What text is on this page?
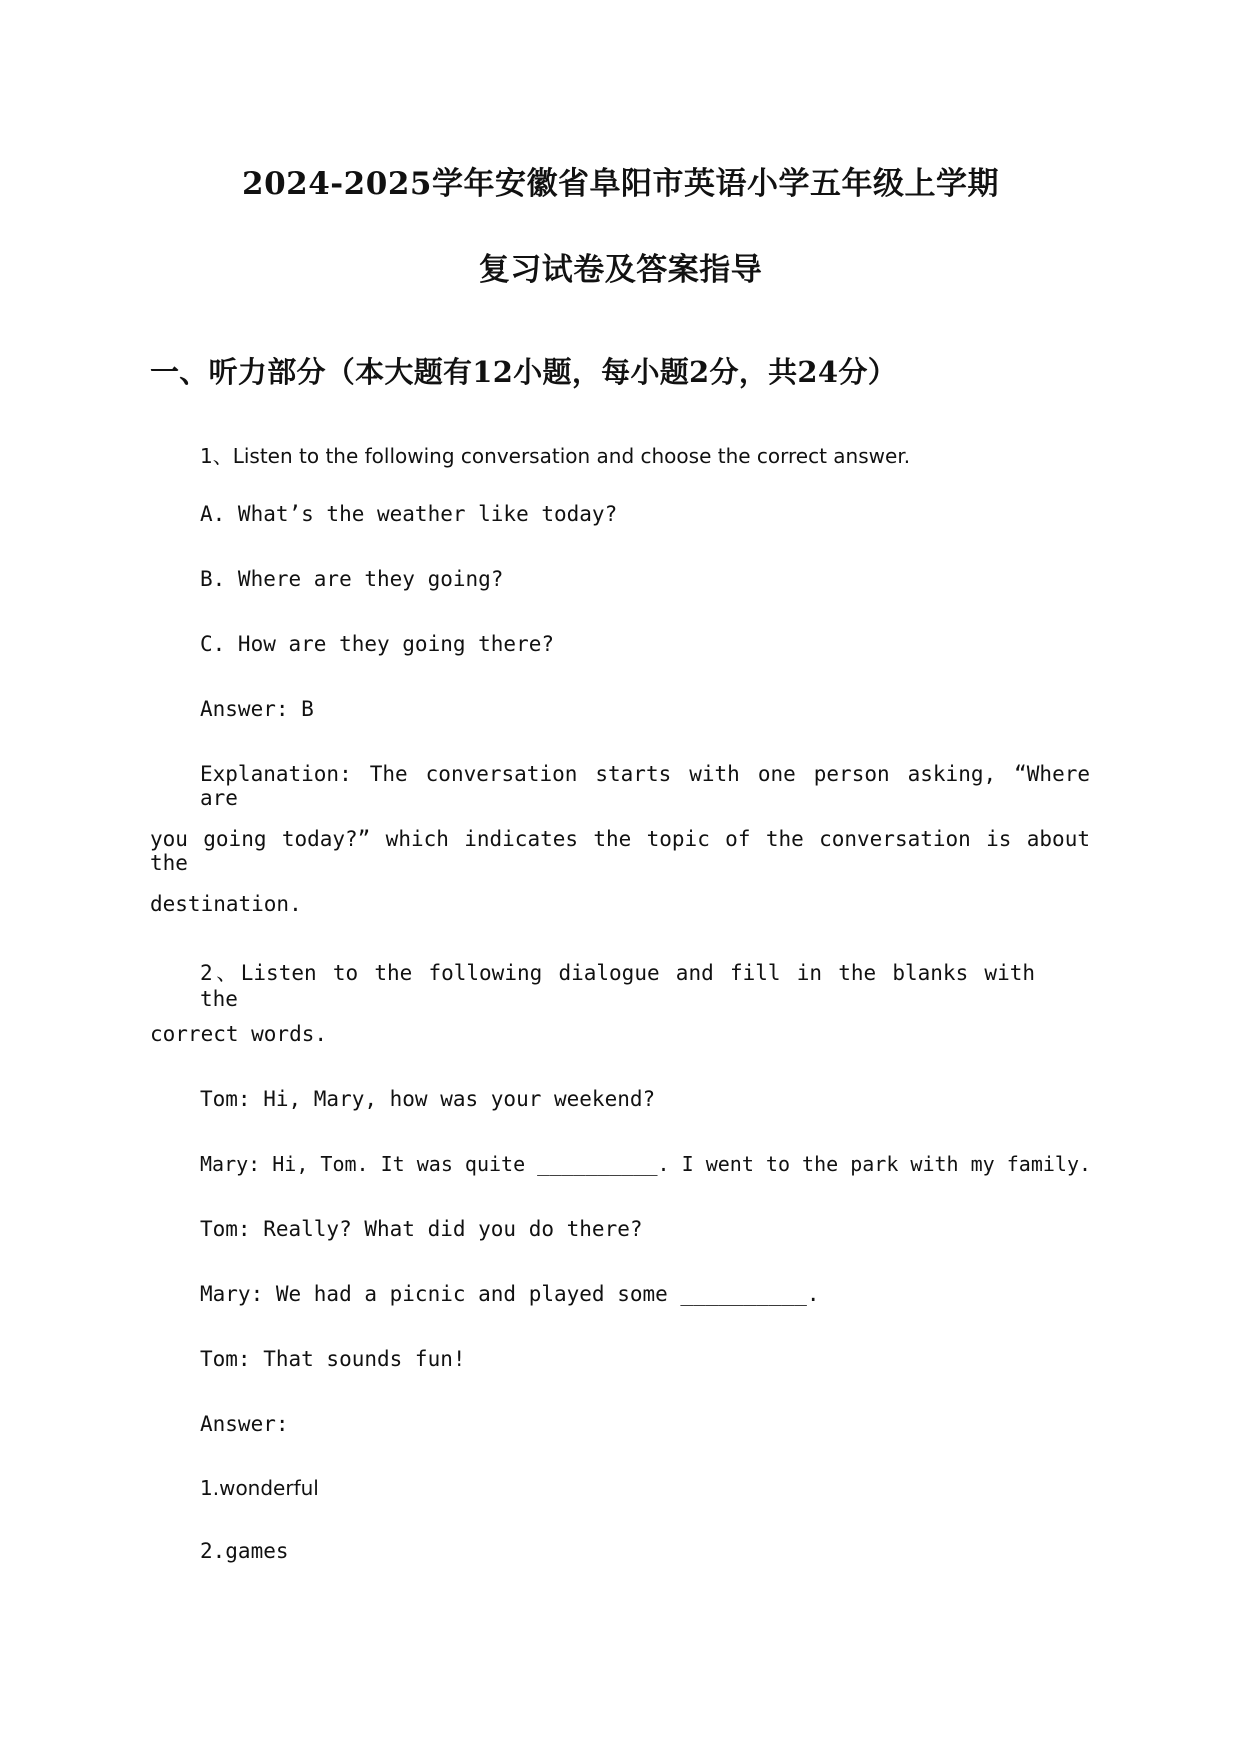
2024-2025学年安徽省阜阳市英语小学五年级上学期
复习试卷及答案指导
一、听力部分（本大题有12小题，每小题2分，共24分）
1、Listen to the following conversation and choose the correct answer.
A. What’s the weather like today?
B. Where are they going?
C. How are they going there?
Answer: B
Explanation: The conversation starts with one person asking, “Where are
you going today?” which indicates the topic of the conversation is about the
destination.
2、Listen to the following dialogue and fill in the blanks with the
correct words.
Tom: Hi, Mary, how was your weekend?
Mary: Hi, Tom. It was quite __________. I went to the park with my family.
Tom: Really? What did you do there?
Mary: We had a picnic and played some __________.
Tom: That sounds fun!
Answer:
1.wonderful
2.games
